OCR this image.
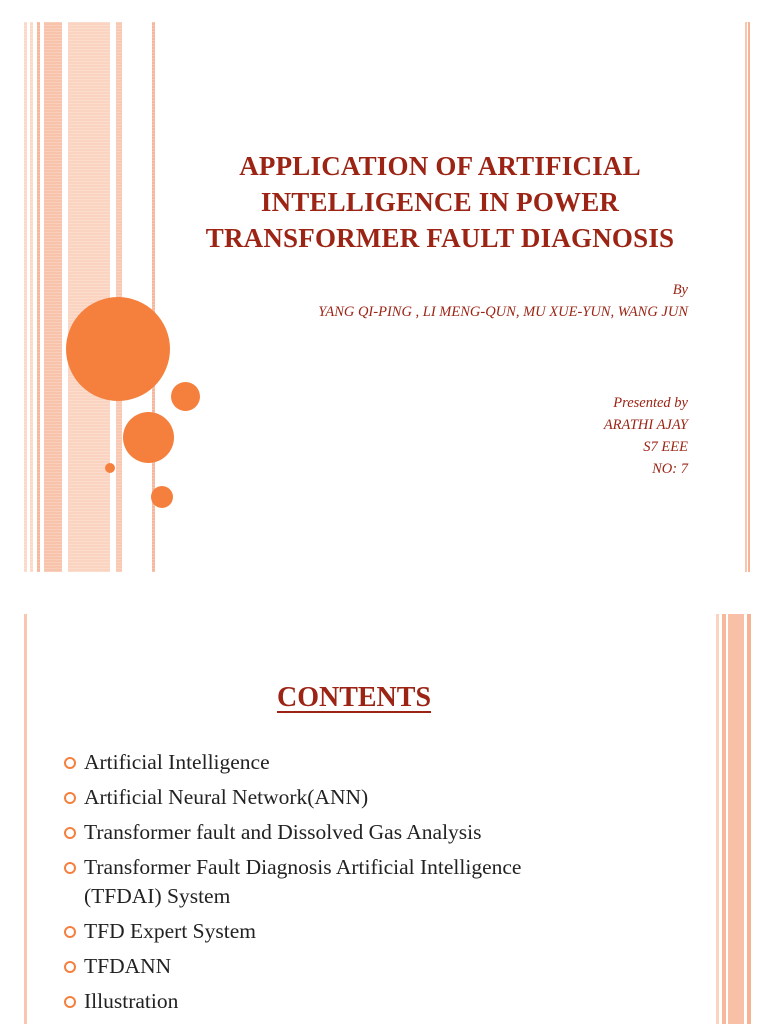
APPLICATION OF ARTIFICIAL
INTELLIGENCE IN POWER
TRANSFORMER FAULT DIAGNOSIS

By

YANG QI-PING , LI MENG-QUN, MU XUE-YUN, WANG JUN

Presented by

ARATHI AJAY

S7 EEE

NO: 7

CONTENTS
Artificial Intelligence
Artificial Neural Network(ANN)
Transformer fault and Dissolved Gas Analysis
Transformer Fault Diagnosis Artificial Intelligence (TFDAI) System
TFD Expert System
TFDANN
Illustration
